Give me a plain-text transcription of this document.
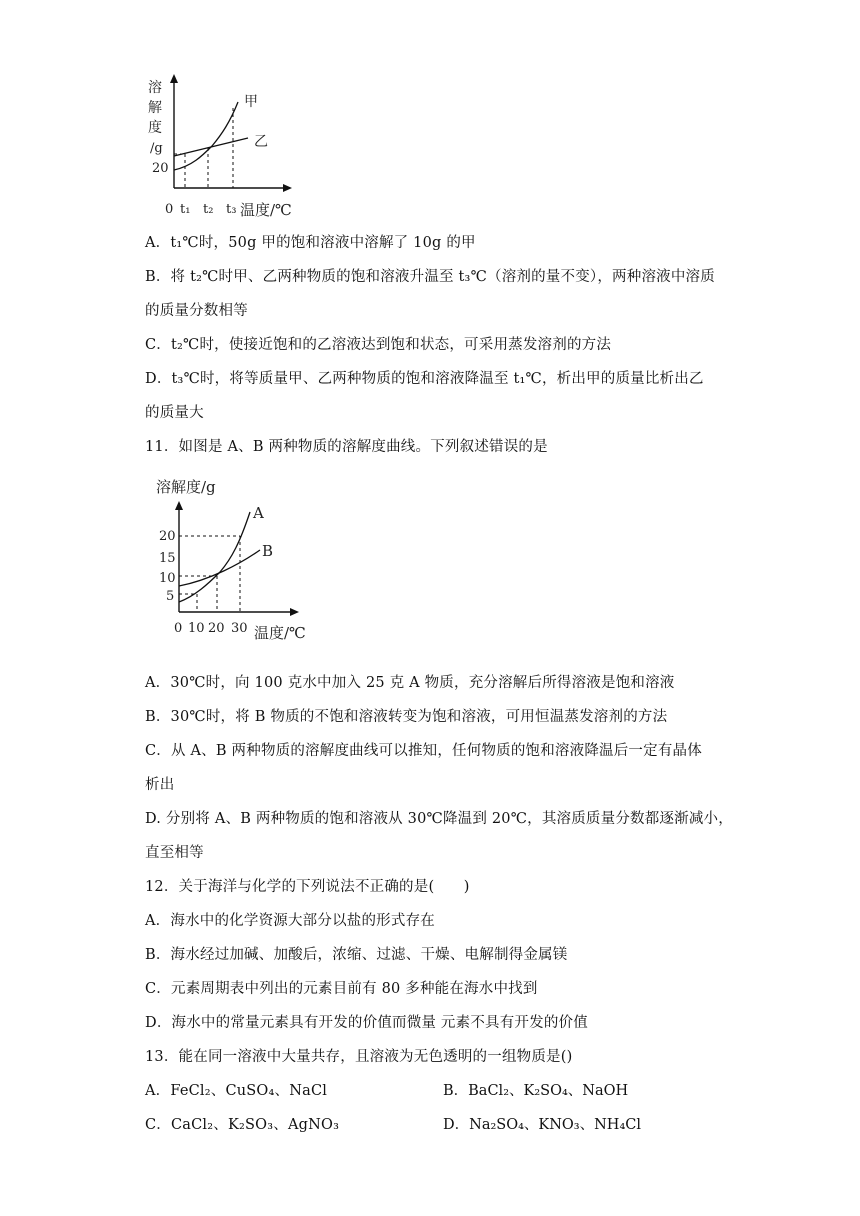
溶
解
度
/g
20
甲
乙
0 t₁ t₂ t₃ 温度/℃
A．t₁℃时，50g 甲的饱和溶液中溶解了 10g 的甲
B．将 t₂℃时甲、乙两种物质的饱和溶液升温至 t₃℃（溶剂的量不变），两种溶液中溶质
的质量分数相等
C．t₂℃时，使接近饱和的乙溶液达到饱和状态，可采用蒸发溶剂的方法
D．t₃℃时，将等质量甲、乙两种物质的饱和溶液降温至 t₁℃，析出甲的质量比析出乙
的质量大
11．如图是 A、B 两种物质的溶解度曲线。下列叙述错误的是
溶解度/g
20
15
10
5
A
B
0 10 20 30 温度/℃
A．30℃时，向 100 克水中加入 25 克 A 物质，充分溶解后所得溶液是饱和溶液
B．30℃时，将 B 物质的不饱和溶液转变为饱和溶液，可用恒温蒸发溶剂的方法
C．从 A、B 两种物质的溶解度曲线可以推知，任何物质的饱和溶液降温后一定有晶体
析出
D. 分别将 A、B 两种物质的饱和溶液从 30℃降温到 20℃，其溶质质量分数都逐渐减小，
直至相等
12．关于海洋与化学的下列说法不正确的是(　　)
A．海水中的化学资源大部分以盐的形式存在
B．海水经过加碱、加酸后，浓缩、过滤、干燥、电解制得金属镁
C．元素周期表中列出的元素目前有 80 多种能在海水中找到
D．海水中的常量元素具有开发的价值而微量 元素不具有开发的价值
13．能在同一溶液中大量共存，且溶液为无色透明的一组物质是()
A．FeCl₂、CuSO₄、NaCl	B．BaCl₂、K₂SO₄、NaOH
C．CaCl₂、K₂SO₃、AgNO₃	D．Na₂SO₄、KNO₃、NH₄Cl
